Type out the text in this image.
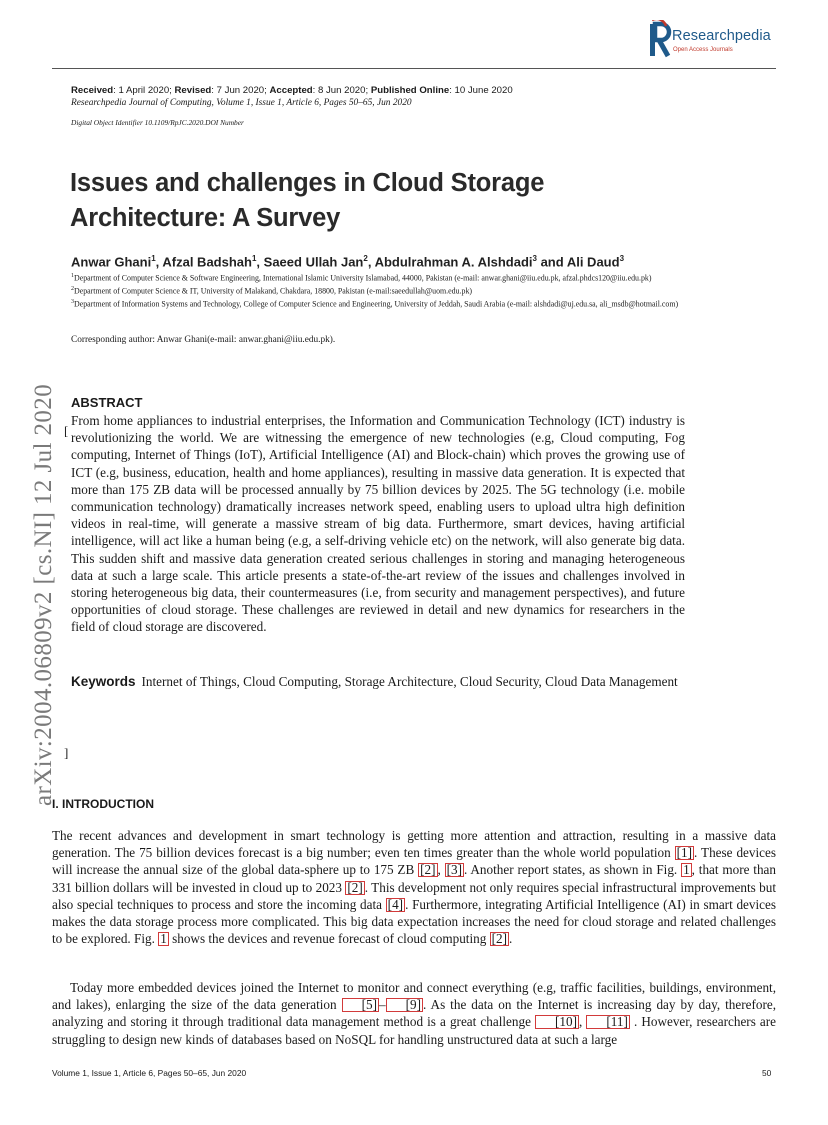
Researchpedia
Open Access Journals
Received: 1 April 2020; Revised: 7 Jun 2020; Accepted: 8 Jun 2020; Published Online: 10 June 2020
Researchpedia Journal of Computing, Volume 1, Issue 1, Article 6, Pages 50–65, Jun 2020
Digital Object Identifier 10.1109/RpJC.2020.DOI Number
Issues and challenges in Cloud Storage Architecture: A Survey
Anwar Ghani$^1$, Afzal Badshah$^1$, Saeed Ullah Jan$^2$, Abdulrahman A. Alshdadi$^3$ and Ali Daud$^3$
$^1$Department of Computer Science & Software Engineering, International Islamic University Islamabad, 44000, Pakistan (e-mail: anwar.ghani@iiu.edu.pk, afzal.phdcs120@iiu.edu.pk)
$^2$Department of Computer Science & IT, University of Malakand, Chakdara, 18800, Pakistan (e-mail:saeedullah@uom.edu.pk)
$^3$Department of Information Systems and Technology, College of Computer Science and Engineering, University of Jeddah, Saudi Arabia (e-mail: alshdadi@uj.edu.sa, ali_msdb@hotmail.com)
Corresponding author: Anwar Ghani(e-mail: anwar.ghani@iiu.edu.pk).
ABSTRACT
[
From home appliances to industrial enterprises, the Information and Communication Technology (ICT) industry is revolutionizing the world. We are witnessing the emergence of new technologies (e.g, Cloud computing, Fog computing, Internet of Things (IoT), Artificial Intelligence (AI) and Block-chain) which proves the growing use of ICT (e.g, business, education, health and home appliances), resulting in massive data generation. It is expected that more than 175 ZB data will be processed annually by 75 billion devices by 2025. The 5G technology (i.e. mobile communication technology) dramatically increases network speed, enabling users to upload ultra high definition videos in real-time, will generate a massive stream of big data. Furthermore, smart devices, having artificial intelligence, will act like a human being (e.g, a self-driving vehicle etc) on the network, will also generate big data. This sudden shift and massive data generation created serious challenges in storing and managing heterogeneous data at such a large scale. This article presents a state-of-the-art review of the issues and challenges involved in storing heterogeneous big data, their countermeasures (i.e, from security and management perspectives), and future opportunities of cloud storage. These challenges are reviewed in detail and new dynamics for researchers in the field of cloud storage are discovered.
Keywords Internet of Things, Cloud Computing, Storage Architecture, Cloud Security, Cloud Data Management
]
arXiv:2004.06809v2 [cs.NI] 12 Jul 2020
I. INTRODUCTION
The recent advances and development in smart technology is getting more attention and attraction, resulting in a massive data generation. The 75 billion devices forecast is a big number; even ten times greater than the whole world population [1] . These devices will increase the annual size of the global data-sphere up to 175 ZB [2] , [3] . Another report states, as shown in Fig. 1 , that more than 331 billion dollars will be invested in cloud up to 2023 [2] . This development not only requires special infrastructural improvements but also special techniques to process and store the incoming data [4] . Furthermore, integrating Artificial Intelligence (AI) in smart devices makes the data storage process more complicated. This big data expectation increases the need for cloud storage and related challenges to be explored. Fig. 1 shows the devices and revenue forecast of cloud computing [2] .
Today more embedded devices joined the Internet to monitor and connect everything (e.g, traffic facilities, buildings, environment, and lakes), enlarging the size of the data generation [5] – [9] . As the data on the Internet is increasing day by day, therefore, analyzing and storing it through traditional data management method is a great challenge [10] , [11] . However, researchers are struggling to design new kinds of databases based on NoSQL for handling unstructured data at such a large
Volume 1, Issue 1, Article 6, Pages 50–65, Jun 2020	50
